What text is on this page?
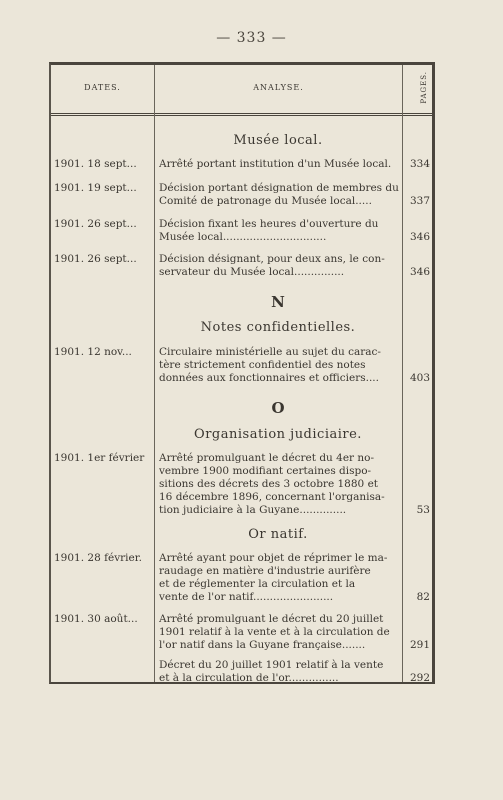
— 333 —
DATES.	ANALYSE.	PAGES.
Musée local.
1901. 18 sept...	Arrêté portant institution d'un Musée local.	334
1901. 19 sept...	Décision portant désignation de membres du
Comité de patronage du Musée local.....	337
1901. 26 sept...	Décision fixant les heures d'ouverture du
Musée local...............................	346
1901. 26 sept...	Décision désignant, pour deux ans, le con-
servateur du Musée local...............	346
N
Notes confidentielles.
1901. 12 nov...	Circulaire ministérielle au sujet du carac-
tère strictement confidentiel des notes
données aux fonctionnaires et officiers....	403
O
Organisation judiciaire.
1901. 1er février	Arrêté promulguant le décret du 4er no-
vembre 1900 modifiant certaines dispo-
sitions des décrets des 3 octobre 1880 et
16 décembre 1896, concernant l'organisa-
tion judiciaire à la Guyane..............	53
Or natif.
1901. 28 février.	Arrêté ayant pour objet de réprimer le ma-
raudage en matière d'industrie aurifère
et de réglementer la circulation et la
vente de l'or natif........................	82
1901. 30 août...	Arrêté promulguant le décret du 20 juillet
1901 relatif à la vente et à la circulation de
l'or natif dans la Guyane française.......	291
Décret du 20 juillet 1901 relatif à la vente
et à la circulation de l'or...............	292
